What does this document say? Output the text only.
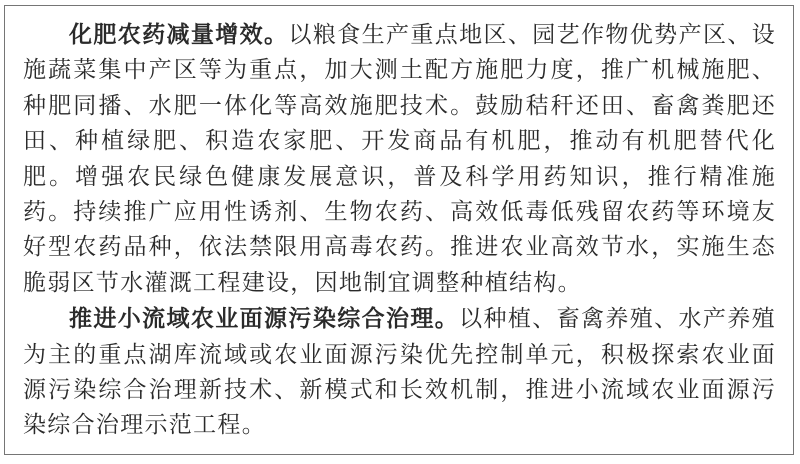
化肥农药减量增效。以粮食生产重点地区、园艺作物优势产区、设施蔬菜集中产区等为重点，加大测土配方施肥力度，推广机械施肥、种肥同播、水肥一体化等高效施肥技术。鼓励秸秆还田、畜禽粪肥还田、种植绿肥、积造农家肥、开发商品有机肥，推动有机肥替代化肥。增强农民绿色健康发展意识，普及科学用药知识，推行精准施药。持续推广应用性诱剂、生物农药、高效低毒低残留农药等环境友好型农药品种，依法禁限用高毒农药。推进农业高效节水，实施生态脆弱区节水灌溉工程建设，因地制宜调整种植结构。

推进小流域农业面源污染综合治理。以种植、畜禽养殖、水产养殖为主的重点湖库流域或农业面源污染优先控制单元，积极探索农业面源污染综合治理新技术、新模式和长效机制，推进小流域农业面源污染综合治理示范工程。
